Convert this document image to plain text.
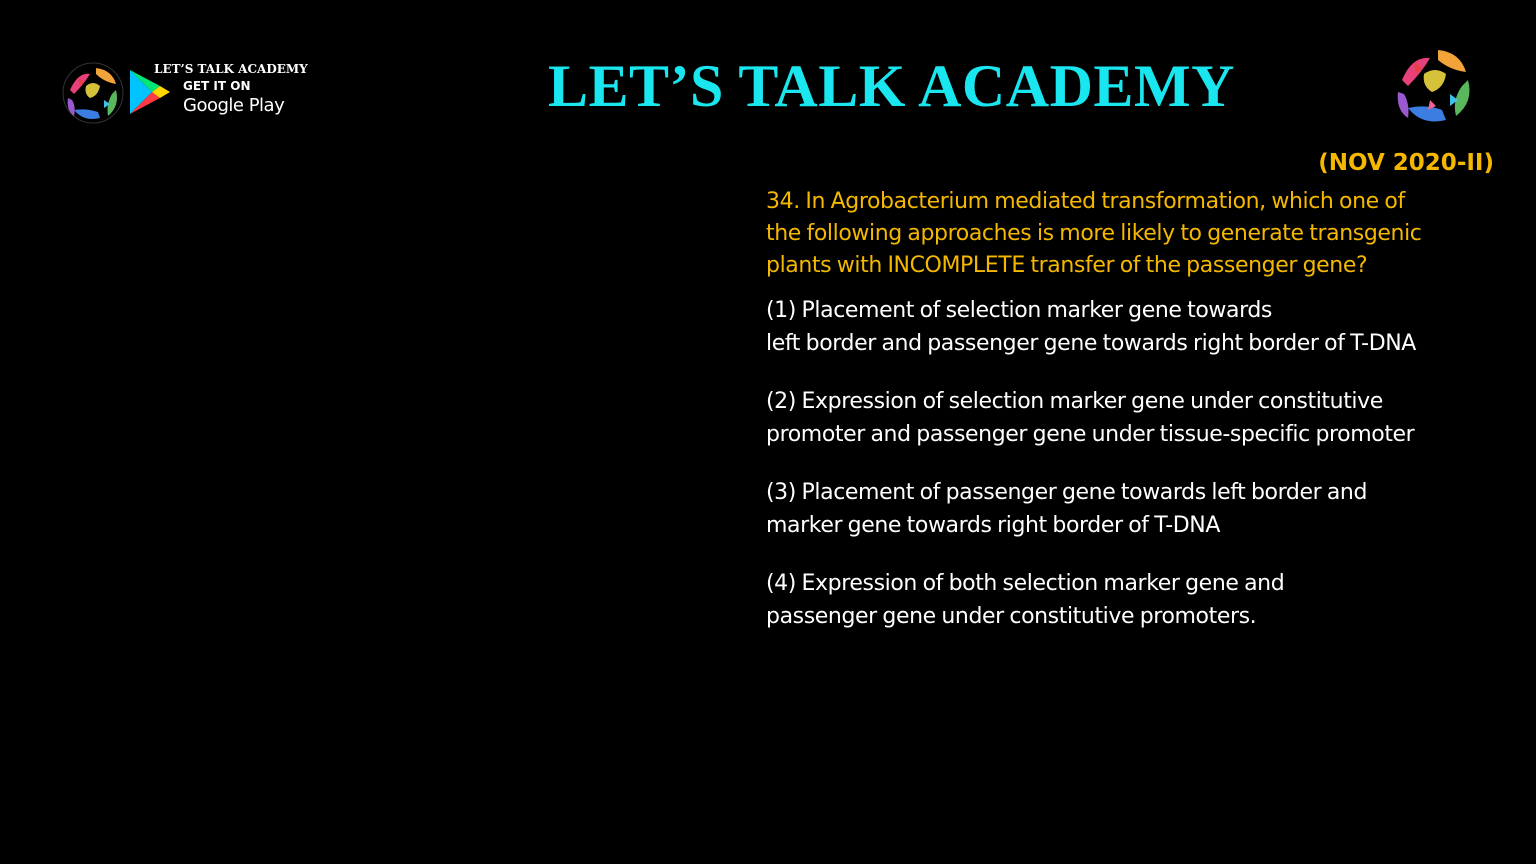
LET’S TALK ACADEMY
GET IT ON
Google Play	LET’S TALK ACADEMY
(NOV 2020-II)

34. In Agrobacterium mediated transformation, which one of
the following approaches is more likely to generate transgenic
plants with INCOMPLETE transfer of the passenger gene?

(1) Placement of selection marker gene towards
left border and passenger gene towards right border of T-DNA

(2) Expression of selection marker gene under constitutive
promoter and passenger gene under tissue-specific promoter

(3) Placement of passenger gene towards left border and
marker gene towards right border of T-DNA

(4) Expression of both selection marker gene and
passenger gene under constitutive promoters.
